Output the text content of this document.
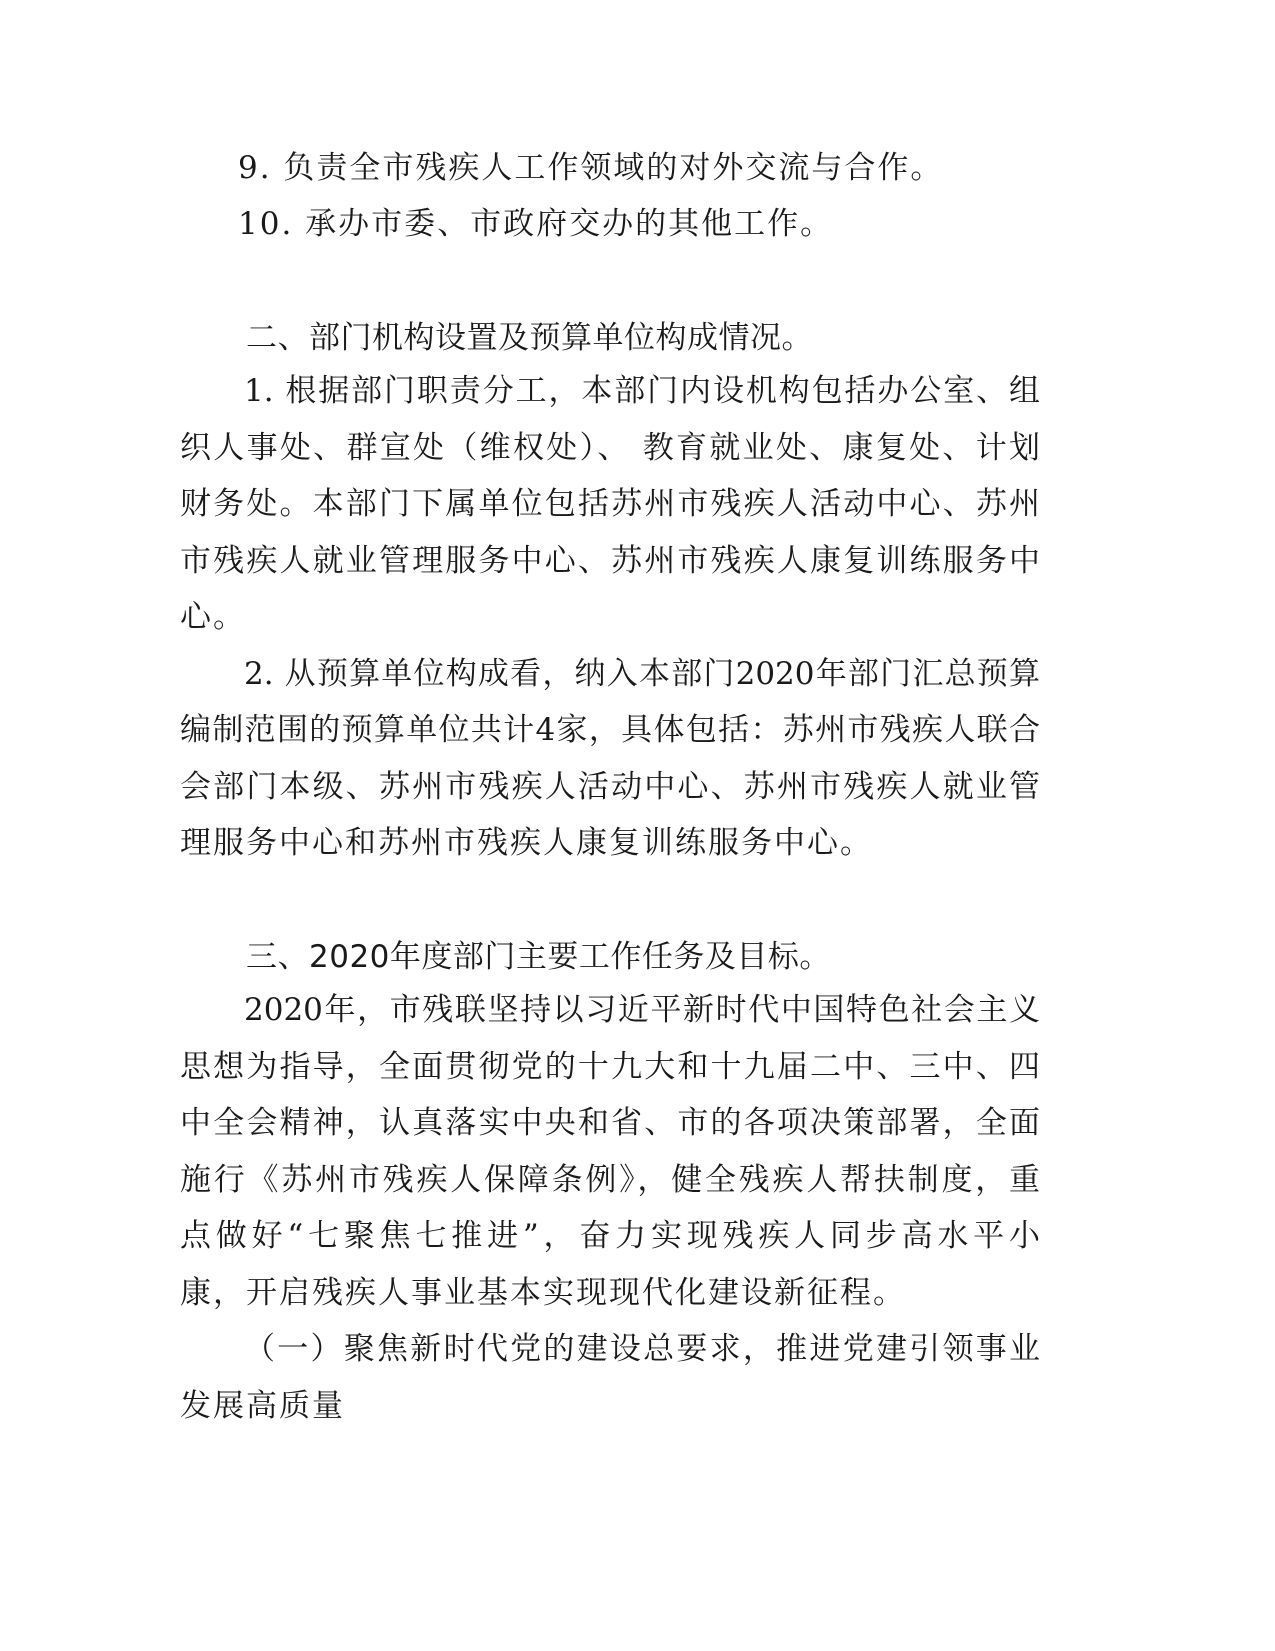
9. 负责全市残疾人工作领域的对外交流与合作。
10. 承办市委、市政府交办的其他工作。
二、部门机构设置及预算单位构成情况。
1. 根据部门职责分工，本部门内设机构包括办公室、组
织人事处、群宣处（维权处）、 教育就业处、康复处、计划
财务处。本部门下属单位包括苏州市残疾人活动中心、苏州
市残疾人就业管理服务中心、苏州市残疾人康复训练服务中
心。
2. 从预算单位构成看，纳入本部门2020年部门汇总预算
编制范围的预算单位共计4家，具体包括：苏州市残疾人联合
会部门本级、苏州市残疾人活动中心、苏州市残疾人就业管
理服务中心和苏州市残疾人康复训练服务中心。
三、2020年度部门主要工作任务及目标。
2020年，市残联坚持以习近平新时代中国特色社会主义
思想为指导，全面贯彻党的十九大和十九届二中、三中、四
中全会精神，认真落实中央和省、市的各项决策部署，全面
施行《苏州市残疾人保障条例》，健全残疾人帮扶制度，重
点做好“七聚焦七推进”，奋力实现残疾人同步高水平小
康，开启残疾人事业基本实现现代化建设新征程。
（一）聚焦新时代党的建设总要求，推进党建引领事业
发展高质量
